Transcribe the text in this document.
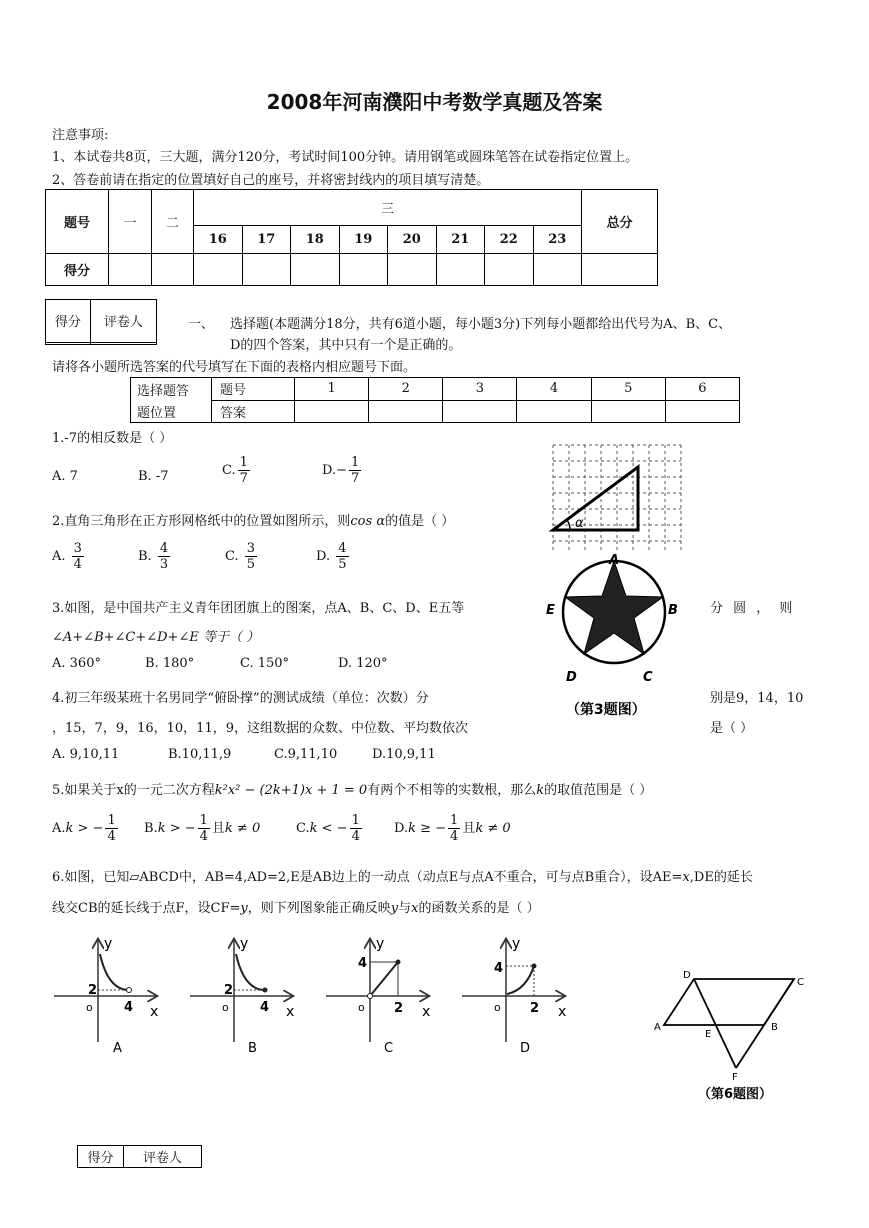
2008年河南濮阳中考数学真题及答案
注意事项:
1、本试卷共8页，三大题，满分120分，考试时间100分钟。请用钢笔或圆珠笔答在试卷指定位置上。
2、答卷前请在指定的位置填好自己的座号，并将密封线内的项目填写清楚。
题号	一	二	三								总分
			16	17	18	19	20	21	22	23	
得分											
得分	评卷人
		一、 选择题(本题满分18分，共有6道小题，每小题3分)下列每小题都给出代号为A、B、C、
D的四个答案，其中只有一个是正确的。
请将各小题所选答案的代号填写在下面的表格内相应题号下面。
选择题答	题号	1	2	3	4	5	6
题位置	答案						
1.-7的相反数是（ ）
A. 7	B. -7	C. $\frac{1}{7}$	$D.- \frac{1}{7}$
α
2.直角三角形在正方形网格纸中的位置如图所示，则cos α的值是（ ）
A. $\frac{3}{4}$	B. $\frac{4}{3}$	C. $\frac{3}{5}$	D. $\frac{4}{5}$	A
B
C
D
E
（第3题图）
3.如图，是中国共产主义青年团团旗上的图案，点A、B、C、D、E五等	分 圆 ， 则
∠A+∠B+∠C+∠D+∠E 等于（ ）
A. 360°	B. 180°	C. 150°	D. 120°
4.初三年级某班十名男同学“俯卧撑”的测试成绩（单位：次数）分	别是9，14，10
，15，7，9，16，10，11，9，这组数据的众数、中位数、平均数依次	是（ ）
A. 9,10,11	B.10,11,9	C.9,11,10	D.10,9,11
5.如果关于x的一元二次方程k²x² − (2k+1)x + 1 = 0有两个不相等的实数根，那么k的取值范围是（ ）
A.k > − $\frac{1}{4} B.k$ > − $\frac{1}{4}$ 且k ≠ 0	C.k < − $\frac{1}{4} D.k$ ≥ − $\frac{1}{4}$ 且k ≠ 0
6.如图，已知▱ABCD中，AB=4,AD=2,E是AB边上的一动点（动点E与点A不重合，可与点B重合），设AE=x,DE的延长
线交CB的延长线于点F，设CF=y，则下列图象能正确反映y与x的函数关系的是（ ）
y
x
o
2
4
A
y
x
o
2
4
B
y
x
o
4
2
C
y
x
o
4
2
D
D
C
A
E
B
F
（第6题图）
得分	评卷人
